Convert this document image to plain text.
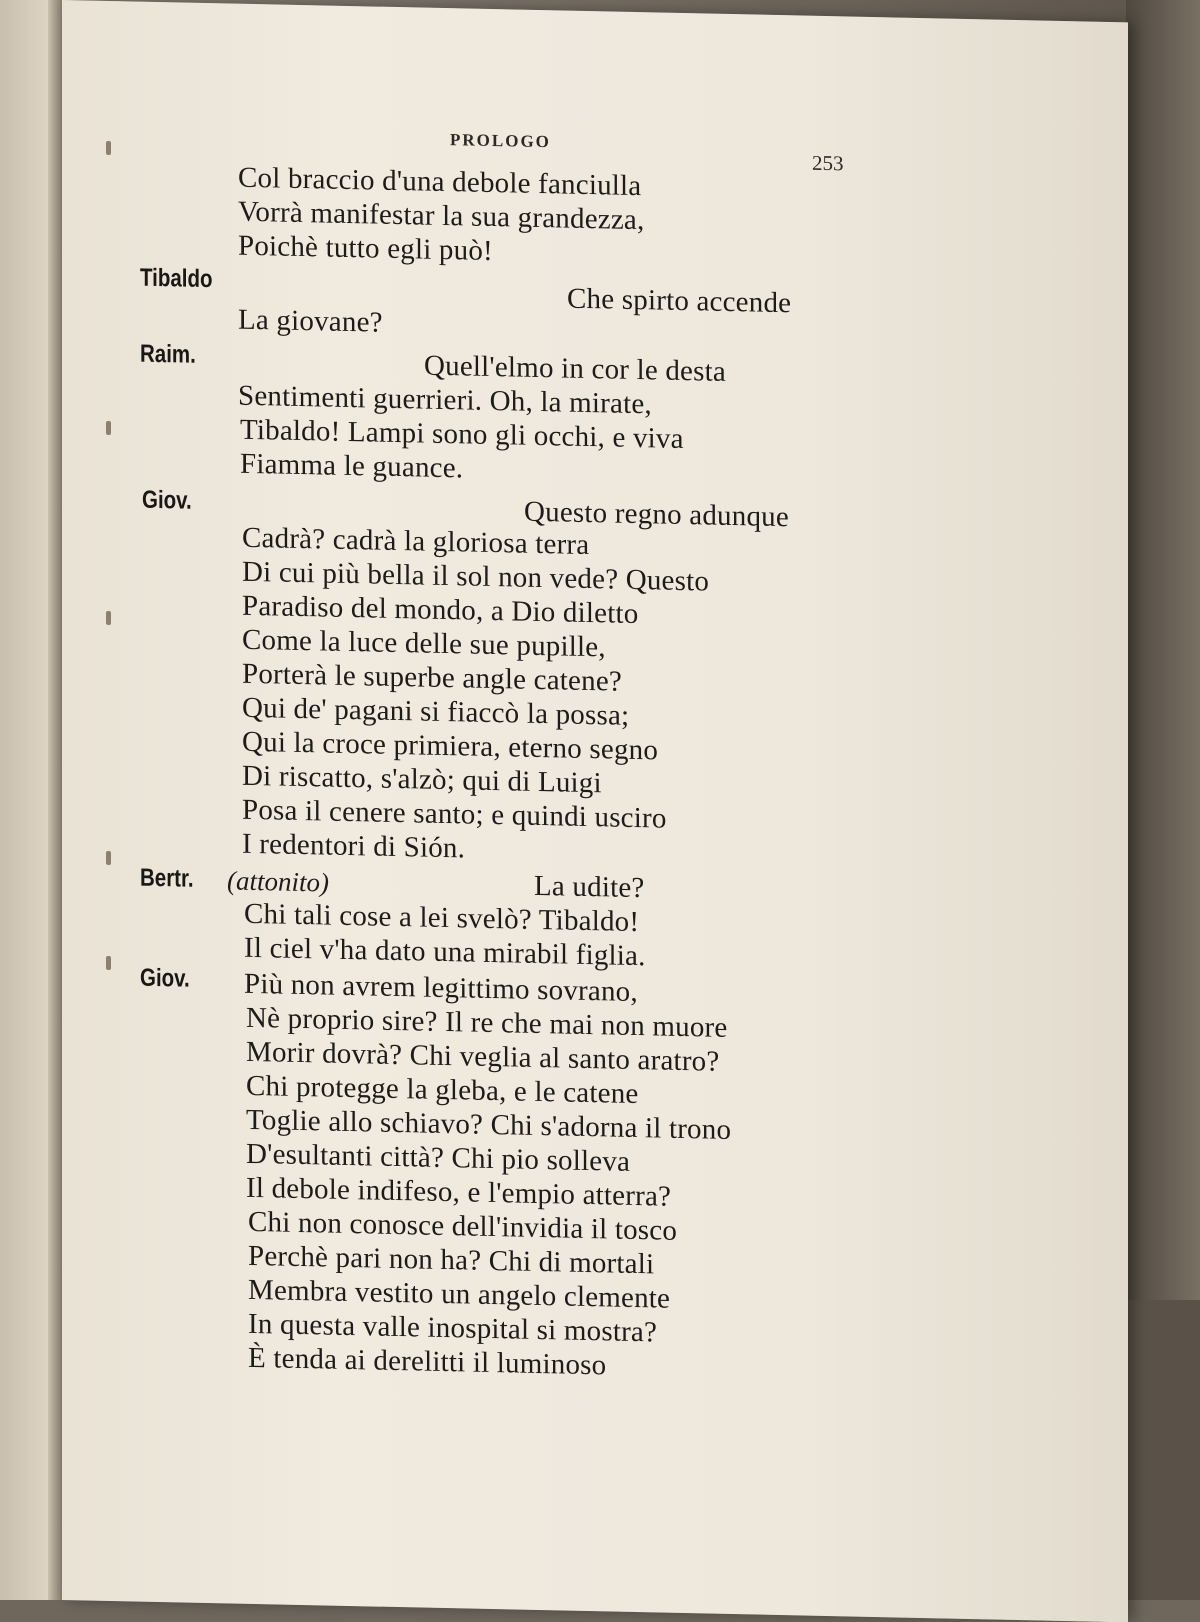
PROLOGO
253
Col braccio d'una debole fanciulla
Vorrà manifestar la sua grandezza,
Poichè tutto egli può!
Che spirto accende
Tibaldo
La giovane?
Quell'elmo in cor le desta
Raim.
Sentimenti guerrieri. Oh, la mirate,
Tibaldo! Lampi sono gli occhi, e viva
Fiamma le guance.
Questo regno adunque
Giov.
Cadrà? cadrà la gloriosa terra
Di cui più bella il sol non vede? Questo
Paradiso del mondo, a Dio diletto
Come la luce delle sue pupille,
Porterà le superbe angle catene?
Qui de' pagani si fiaccò la possa;
Qui la croce primiera, eterno segno
Di riscatto, s'alzò; qui di Luigi
Posa il cenere santo; e quindi usciro
I redentori di Sión.
La udite?
Bertr. (attonito)
Chi tali cose a lei svelò? Tibaldo!
Il ciel v'ha dato una mirabil figlia.
Più non avrem legittimo sovrano,
Giov.
Nè proprio sire? Il re che mai non muore
Morir dovrà? Chi veglia al santo aratro?
Chi protegge la gleba, e le catene
Toglie allo schiavo? Chi s'adorna il trono
D'esultanti città? Chi pio solleva
Il debole indifeso, e l'empio atterra?
Chi non conosce dell'invidia il tosco
Perchè pari non ha? Chi di mortali
Membra vestito un angelo clemente
In questa valle inospital si mostra?
È tenda ai derelitti il luminoso
